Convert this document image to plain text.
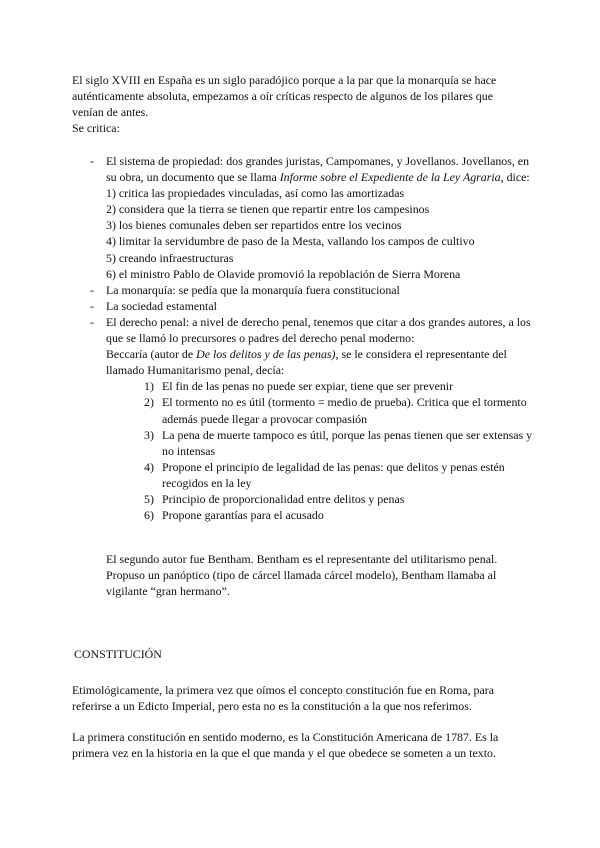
El siglo XVIII en España es un siglo paradójico porque a la par que la monarquía se hace auténticamente absoluta, empezamos a oír críticas respecto de algunos de los pilares que venían de antes.

Se critica:

- El sistema de propiedad: dos grandes juristas, Campomanes, y Jovellanos. Jovellanos, en su obra, un documento que se llama Informe sobre el Expediente de la Ley Agraria, dice:

1) critica las propiedades vinculadas, así como las amortizadas
2) considera que la tierra se tienen que repartir entre los campesinos
3) los bienes comunales deben ser repartidos entre los vecinos
4) limitar la servidumbre de paso de la Mesta, vallando los campos de cultivo
5) creando infraestructuras
6) el ministro Pablo de Olavide promovió la repoblación de Sierra Morena
- La monarquía: se pedía que la monarquía fuera constitucional
- La sociedad estamental

- El derecho penal: a nivel de derecho penal, tenemos que citar a dos grandes autores, a los que se llamó lo precursores o padres del derecho penal moderno:

Beccaría (autor de De los delitos y de las penas), se le considera el representante del llamado Humanitarismo penal, decía:

1) El fin de las penas no puede ser expiar, tiene que ser prevenir
2) El tormento no es útil (tormento = medio de prueba). Critica que el tormento además puede llegar a provocar compasión
3) La pena de muerte tampoco es útil, porque las penas tienen que ser extensas y no intensas
4) Propone el principio de legalidad de las penas: que delitos y penas estén recogidos en la ley
5) Principio de proporcionalidad entre delitos y penas
6) Propone garantías para el acusado

El segundo autor fue Bentham. Bentham es el representante del utilitarismo penal. Propuso un panóptico (tipo de cárcel llamada cárcel modelo), Bentham llamaba al vigilante “gran hermano”.

CONSTITUCIÓN

Etimológicamente, la primera vez que oímos el concepto constitución fue en Roma, para referirse a un Edicto Imperial, pero esta no es la constitución a la que nos referimos.

La primera constitución en sentido moderno, es la Constitución Americana de 1787. Es la primera vez en la historia en la que el que manda y el que obedece se someten a un texto.
